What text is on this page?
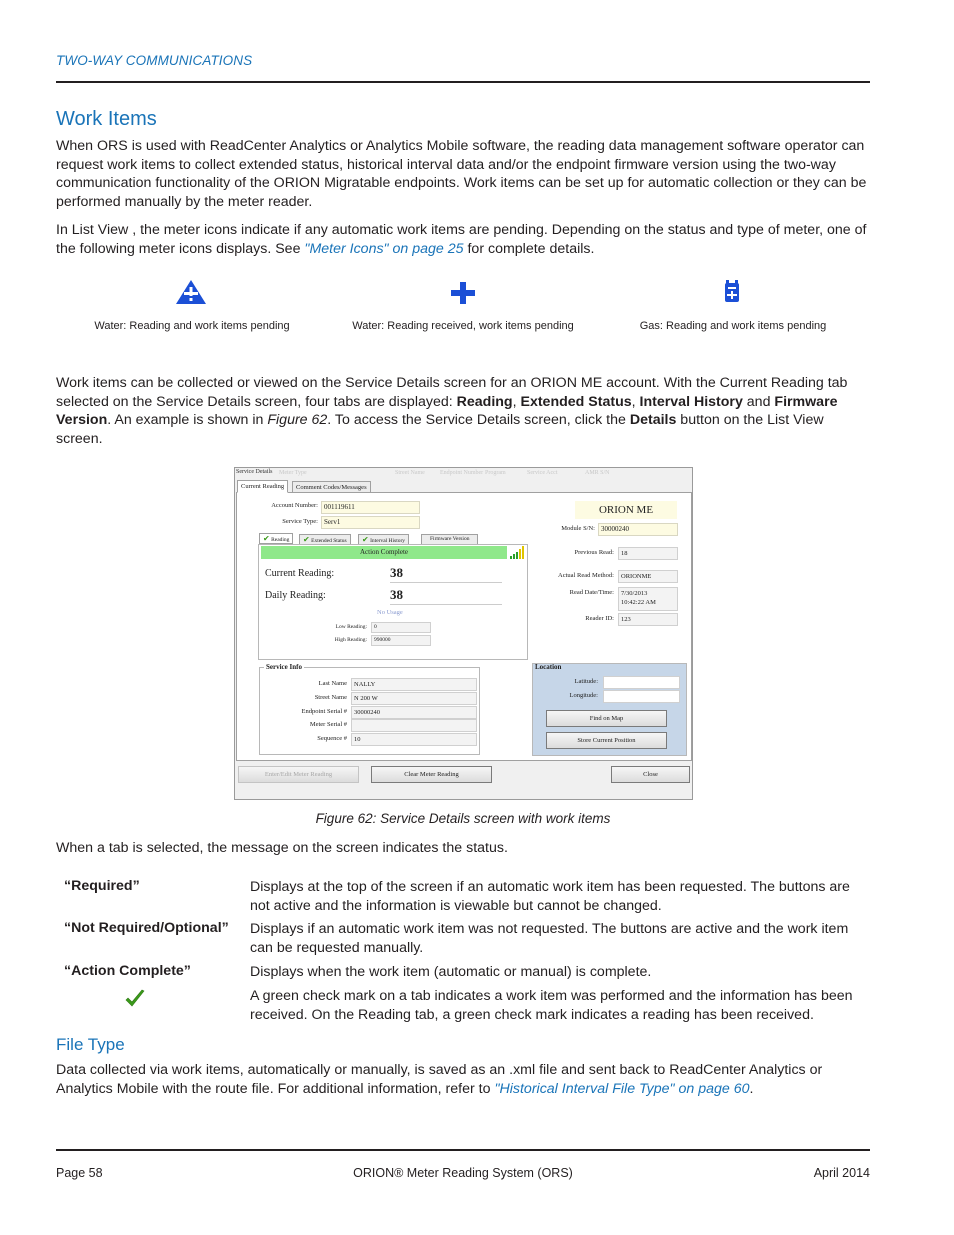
TWO-WAY COMMUNICATIONS
Work Items
When ORS is used with ReadCenter Analytics or Analytics Mobile software, the reading data management software operator can request work items to collect extended status, historical interval data and/or the endpoint firmware version using the two-way communication functionality of the ORION Migratable endpoints. Work items can be set up for automatic collection or they can be performed manually by the meter reader.
In List View , the meter icons indicate if any automatic work items are pending. Depending on the status and type of meter, one of the following meter icons displays. See "Meter Icons" on page 25 for complete details.
Water: Reading and work items pending	Water: Reading received, work items pending	Gas: Reading and work items pending
Work items can be collected or viewed on the Service Details screen for an ORION ME account. With the Current Reading tab selected on the Service Details screen, four tabs are displayed: Reading, Extended Status, Interval History and Firmware Version. An example is shown in Figure 62. To access the Service Details screen, click the Details button on the List View screen.
Service Details Meter Type	Street Name	Endpoint Number Program	Service Acct	AMR S/N
Current Reading	Comment Codes/Messages
Account Number: 001119611
Service Type: Serv1
ORION ME
Module S/N: 30000240
✔ Reading	✔ Extended Status	✔ Interval History	Firmware Version
Action Complete
Current Reading:	38
Daily Reading:	38
No Usage
Low Reading:	0
High Reading:	990000
Previous Read:	18
Actual Read Method:	ORIONME
Read Date/Time: 7/30/2013
10:42:22 AM
Reader ID:	123
Service Info
Last Name	NALLY
Street Name	N 200 W
Endpoint Serial #	30000240
Meter Serial #
Sequence #	10
Location
Latitude:
Longitude:
Find on Map
Store Current Position
Enter/Edit Meter Reading	Clear Meter Reading	Close
Figure 62: Service Details screen with work items
When a tab is selected, the message on the screen indicates the status.
“Required”	Displays at the top of the screen if an automatic work item has been requested. The buttons are not active and the information is viewable but cannot be changed.
“Not Required/Optional” Displays if an automatic work item was not requested. The buttons are active and the work item can be requested manually.
“Action Complete”	Displays when the work item (automatic or manual) is complete.
A green check mark on a tab indicates a work item was performed and the information has been received. On the Reading tab, a green check mark indicates a reading has been received.
File Type
Data collected via work items, automatically or manually, is saved as an .xml file and sent back to ReadCenter Analytics or Analytics Mobile with the route file. For additional information, refer to "Historical Interval File Type" on page 60.
Page 58	ORION® Meter Reading System (ORS)	April 2014
